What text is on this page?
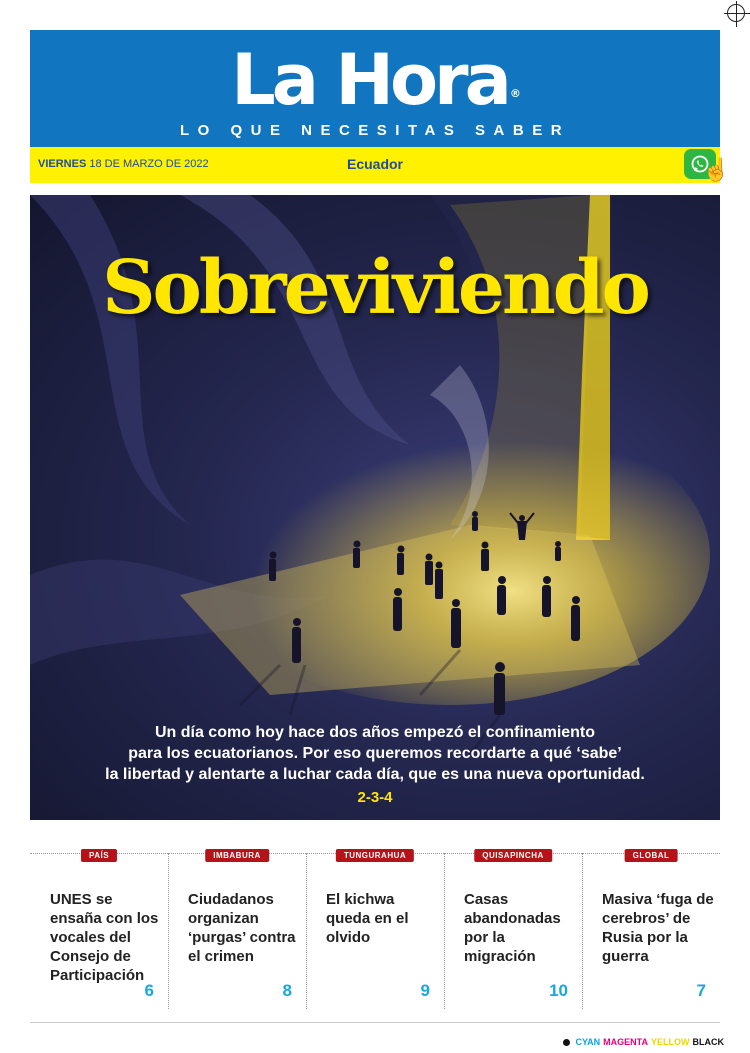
La Hora ®
LO QUE NECESITAS SABER
VIERNES 18 DE MARZO DE 2022	Ecuador	☝
Sobreviviendo
Un día como hoy hace dos años empezó el confinamiento
para los ecuatorianos. Por eso queremos recordarte a qué ‘sabe’
la libertad y alentarte a luchar cada día, que es una nueva oportunidad.
2-3-4
PAÍS
UNES se ensaña con los vocales del Consejo de Participación
6
IMBABURA
Ciudadanos organizan ‘purgas’ contra el crimen
8
TUNGURAHUA
El kichwa queda en el olvido
9
QUISAPINCHA
Casas abandonadas por la migración
10
GLOBAL
Masiva ‘fuga de cerebros’ de Rusia por la guerra
7
CYAN MAGENTA YELLOW BLACK
